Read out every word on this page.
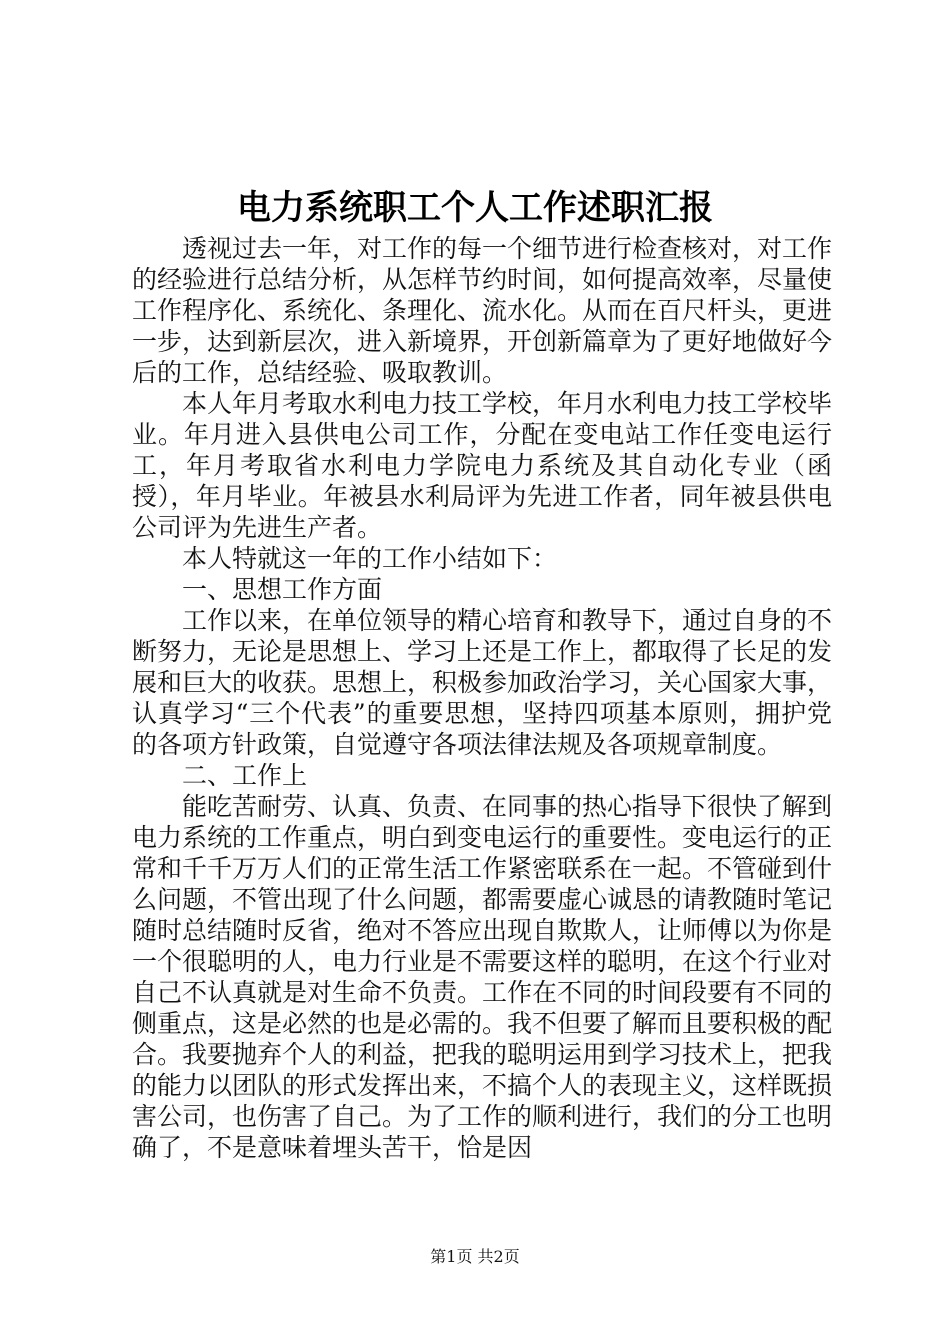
电力系统职工个人工作述职汇报

透视过去一年，对工作的每一个细节进行检查核对，对工作的经验进行总结分析，从怎样节约时间，如何提高效率，尽量使工作程序化、系统化、条理化、流水化。从而在百尺杆头，更进一步，达到新层次，进入新境界，开创新篇章为了更好地做好今后的工作，总结经验、吸取教训。

本人年月考取水利电力技工学校，年月水利电力技工学校毕业。年月进入县供电公司工作，分配在变电站工作任变电运行工，年月考取省水利电力学院电力系统及其自动化专业（函授），年月毕业。年被县水利局评为先进工作者，同年被县供电公司评为先进生产者。

本人特就这一年的工作小结如下：

一、思想工作方面

工作以来，在单位领导的精心培育和教导下，通过自身的不断努力，无论是思想上、学习上还是工作上，都取得了长足的发展和巨大的收获。思想上，积极参加政治学习，关心国家大事，认真学习“三个代表”的重要思想，坚持四项基本原则，拥护党的各项方针政策，自觉遵守各项法律法规及各项规章制度。

二、工作上

能吃苦耐劳、认真、负责、在同事的热心指导下很快了解到电力系统的工作重点，明白到变电运行的重要性。变电运行的正常和千千万万人们的正常生活工作紧密联系在一起。不管碰到什么问题，不管出现了什么问题，都需要虚心诚恳的请教随时笔记随时总结随时反省，绝对不答应出现自欺欺人，让师傅以为你是一个很聪明的人，电力行业是不需要这样的聪明，在这个行业对自己不认真就是对生命不负责。工作在不同的时间段要有不同的侧重点，这是必然的也是必需的。我不但要了解而且要积极的配合。我要抛弃个人的利益，把我的聪明运用到学习技术上，把我的能力以团队的形式发挥出来，不搞个人的表现主义，这样既损害公司，也伤害了自己。为了工作的顺利进行，我们的分工也明确了，不是意味着埋头苦干，恰是因

第1页 共2页
